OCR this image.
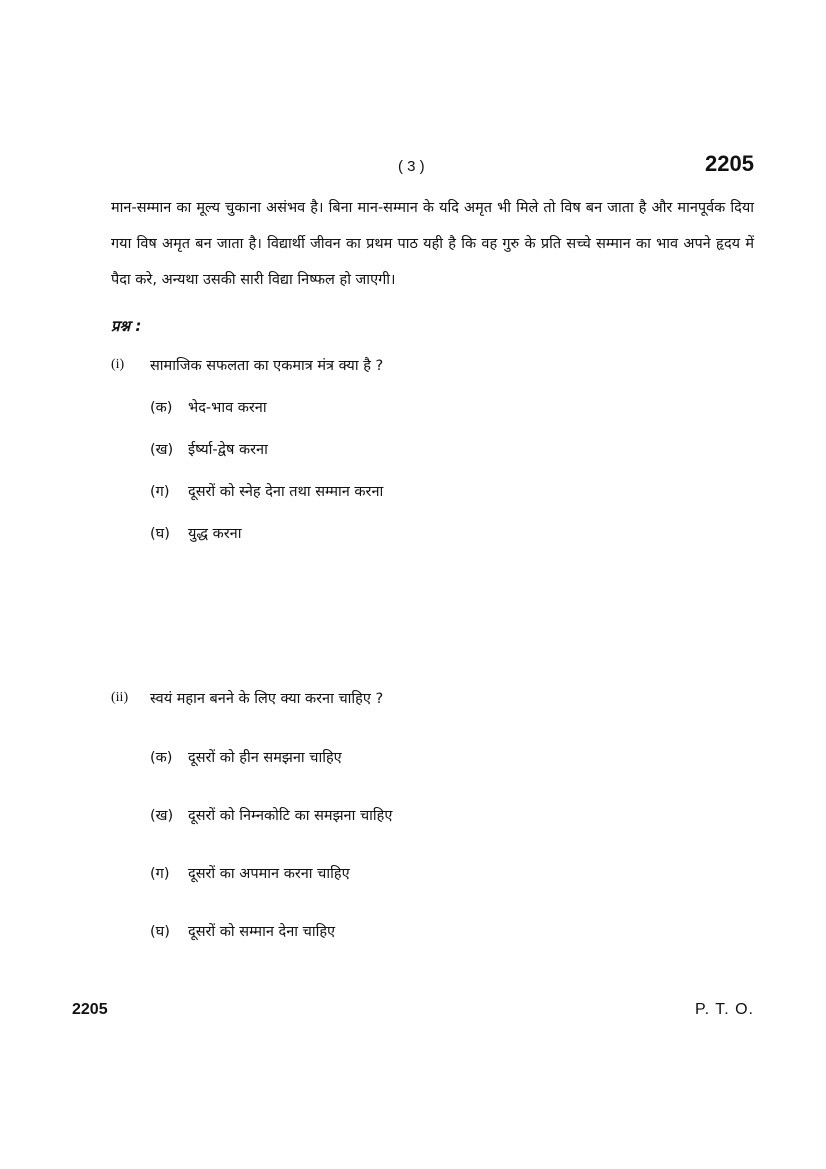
( 3 )	2205
मान-सम्मान का मूल्य चुकाना असंभव है। बिना मान-सम्मान के यदि अमृत भी मिले तो विष बन जाता है और मानपूर्वक दिया गया विष अमृत बन जाता है। विद्यार्थी जीवन का प्रथम पाठ यही है कि वह गुरु के प्रति सच्चे सम्मान का भाव अपने हृदय में पैदा करे, अन्यथा उसकी सारी विद्या निष्फल हो जाएगी।
प्रश्न :
(i) सामाजिक सफलता का एकमात्र मंत्र क्या है ?
(क)	भेद-भाव करना
(ख)	ईर्ष्या-द्वेष करना
(ग)	दूसरों को स्नेह देना तथा सम्मान करना
(घ)	युद्ध करना
(ii) स्वयं महान बनने के लिए क्या करना चाहिए ?
(क)	दूसरों को हीन समझना चाहिए
(ख)	दूसरों को निम्नकोटि का समझना चाहिए
(ग)	दूसरों का अपमान करना चाहिए
(घ)	दूसरों को सम्मान देना चाहिए
2205	P. T. O.
